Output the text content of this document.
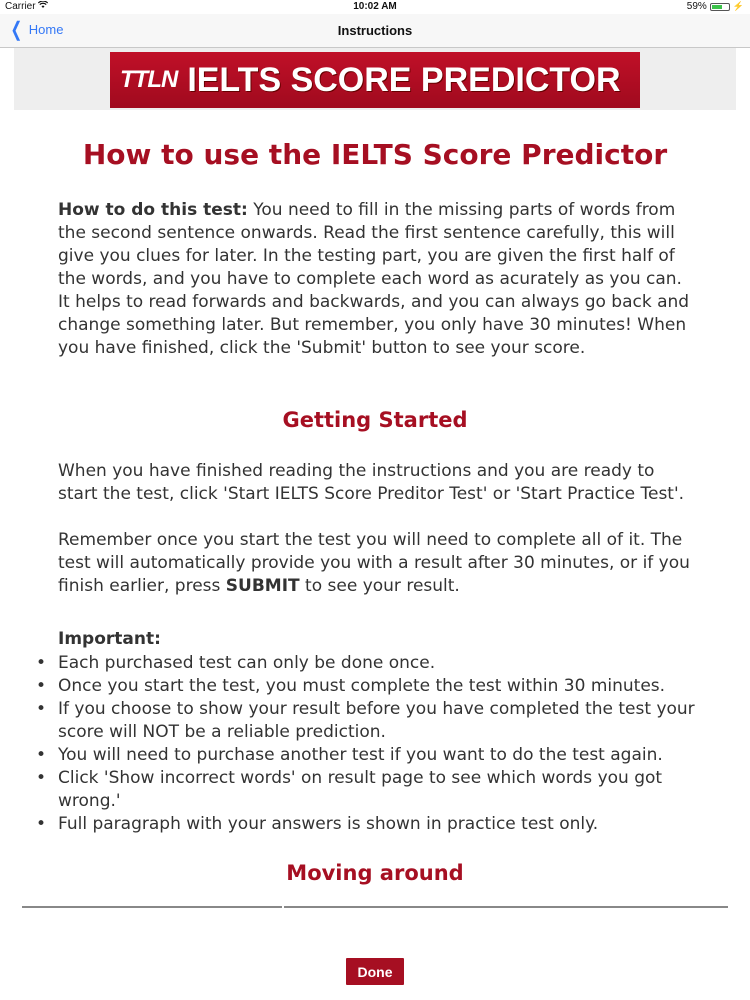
Carrier	10:02 AM	59%	⚡
❮ Home	Instructions
TTLN IELTS SCORE PREDICTOR
How to use the IELTS Score Predictor

How to do this test: You need to fill in the missing parts of words from the second sentence onwards. Read the first sentence carefully, this will give you clues for later. In the testing part, you are given the first half of the words, and you have to complete each word as acurately as you can. It helps to read forwards and backwards, and you can always go back and change something later. But remember, you only have 30 minutes! When you have finished, click the 'Submit' button to see your score.

Getting Started

When you have finished reading the instructions and you are ready to start the test, click 'Start IELTS Score Preditor Test' or 'Start Practice Test'.

Remember once you start the test you will need to complete all of it. The test will automatically provide you with a result after 30 minutes, or if you finish earlier, press SUBMIT to see your result.

Important:

• Each purchased test can only be done once.
• Once you start the test, you must complete the test within 30 minutes.
• If you choose to show your result before you have completed the test your score will NOT be a reliable prediction.
• You will need to purchase another test if you want to do the test again.
• Click 'Show incorrect words' on result page to see which words you got wrong.'
• Full paragraph with your answers is shown in practice test only.
Moving around
Done
